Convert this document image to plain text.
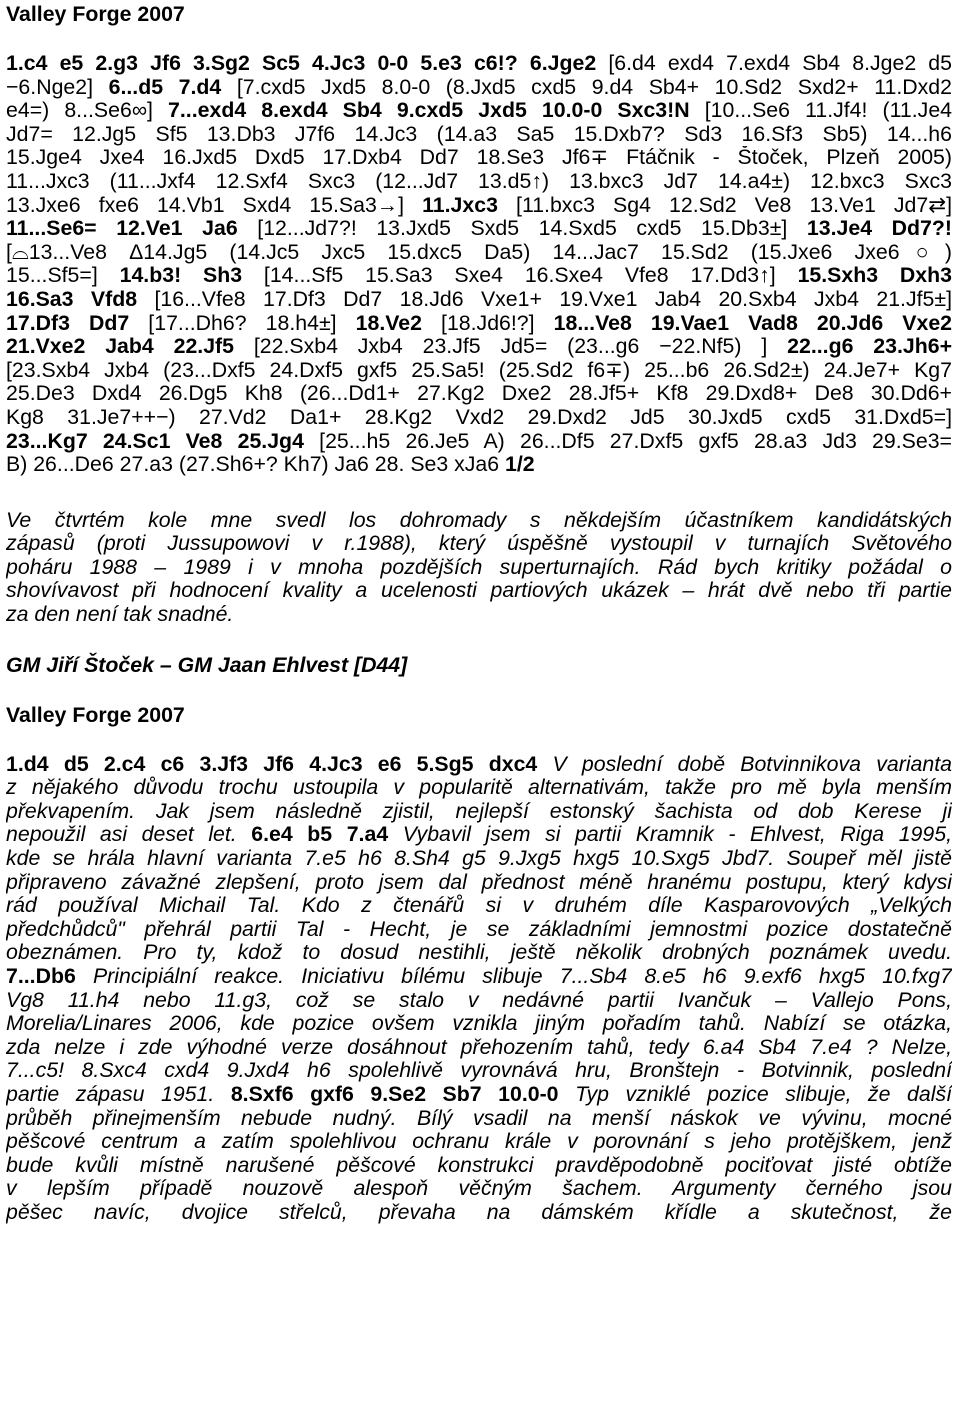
Valley Forge 2007
1.c4 e5 2.g3 Jf6 3.Sg2 Sc5 4.Jc3 0-0 5.e3 c6!? 6.Jge2 [6.d4 exd4 7.exd4 Sb4 8.Jge2 d5
−6.Nge2] 6...d5 7.d4 [7.cxd5 Jxd5 8.0-0 (8.Jxd5 cxd5 9.d4 Sb4+ 10.Sd2 Sxd2+ 11.Dxd2
e4=) 8...Se6∞] 7...exd4 8.exd4 Sb4 9.cxd5 Jxd5 10.0-0 Sxc3!N [10...Se6 11.Jf4! (11.Je4
Jd7= 12.Jg5 Sf5 13.Db3 J7f6 14.Jc3 (14.a3 Sa5 15.Dxb7? Sd3 16.Sf3 Sb5) 14...h6
15.Jge4 Jxe4 16.Jxd5 Dxd5 17.Dxb4 Dd7 18.Se3 Jf6∓ Ftáčnik - Štoček, Plzeň 2005)
11...Jxc3 (11...Jxf4 12.Sxf4 Sxc3 (12...Jd7 13.d5↑) 13.bxc3 Jd7 14.a4±) 12.bxc3 Sxc3
13.Jxe6 fxe6 14.Vb1 Sxd4 15.Sa3→] 11.Jxc3 [11.bxc3 Sg4 12.Sd2 Ve8 13.Ve1 Jd7⇄]
11...Se6= 12.Ve1 Ja6 [12...Jd7?! 13.Jxd5 Sxd5 14.Sxd5 cxd5 15.Db3±] 13.Je4 Dd7?!
[⌓13...Ve8 Δ14.Jg5 (14.Jc5 Jxc5 15.dxc5 Da5) 14...Jac7 15.Sd2 (15.Jxe6 Jxe6○)
15...Sf5=] 14.b3! Sh3 [14...Sf5 15.Sa3 Sxe4 16.Sxe4 Vfe8 17.Dd3↑] 15.Sxh3 Dxh3
16.Sa3 Vfd8 [16...Vfe8 17.Df3 Dd7 18.Jd6 Vxe1+ 19.Vxe1 Jab4 20.Sxb4 Jxb4 21.Jf5±]
17.Df3 Dd7 [17...Dh6? 18.h4±] 18.Ve2 [18.Jd6!?] 18...Ve8 19.Vae1 Vad8 20.Jd6 Vxe2
21.Vxe2 Jab4 22.Jf5 [22.Sxb4 Jxb4 23.Jf5 Jd5= (23...g6 −22.Nf5) ] 22...g6 23.Jh6+
[23.Sxb4 Jxb4 (23...Dxf5 24.Dxf5 gxf5 25.Sa5! (25.Sd2 f6∓) 25...b6 26.Sd2±) 24.Je7+ Kg7
25.De3 Dxd4 26.Dg5 Kh8 (26...Dd1+ 27.Kg2 Dxe2 28.Jf5+ Kf8 29.Dxd8+ De8 30.Dd6+
Kg8 31.Je7++−) 27.Vd2 Da1+ 28.Kg2 Vxd2 29.Dxd2 Jd5 30.Jxd5 cxd5 31.Dxd5=]
23...Kg7 24.Sc1 Ve8 25.Jg4 [25...h5 26.Je5 A) 26...Df5 27.Dxf5 gxf5 28.a3 Jd3 29.Se3=
B) 26...De6 27.a3 (27.Sh6+? Kh7) Ja6 28. Se3 xJa6 1/2
Ve čtvrtém kole mne svedl los dohromady s někdejším účastníkem kandidátských
zápasů (proti Jussupowovi v r.1988), který úspěšně vystoupil v turnajích Světového
poháru 1988 – 1989 i v mnoha pozdějších superturnajích. Rád bych kritiky požádal o
shovívavost při hodnocení kvality a ucelenosti partiových ukázek – hrát dvě nebo tři partie
za den není tak snadné.
GM Jiří Štoček – GM Jaan Ehlvest [D44]
Valley Forge 2007
1.d4 d5 2.c4 c6 3.Jf3 Jf6 4.Jc3 e6 5.Sg5 dxc4 V poslední době Botvinnikova varianta
z nějakého důvodu trochu ustoupila v popularitě alternativám, takže pro mě byla menším
překvapením. Jak jsem následně zjistil, nejlepší estonský šachista od dob Kerese ji
nepoužil asi deset let. 6.e4 b5 7.a4 Vybavil jsem si partii Kramnik - Ehlvest, Riga 1995,
kde se hrála hlavní varianta 7.e5 h6 8.Sh4 g5 9.Jxg5 hxg5 10.Sxg5 Jbd7. Soupeř měl jistě
připraveno závažné zlepšení, proto jsem dal přednost méně hranému postupu, který kdysi
rád používal Michail Tal. Kdo z čtenářů si v druhém díle Kasparovových „Velkých
předchůdců" přehrál partii Tal - Hecht, je se základními jemnostmi pozice dostatečně
obeznámen. Pro ty, kdož to dosud nestihli, ještě několik drobných poznámek uvedu.
7...Db6 Principiální reakce. Iniciativu bílému slibuje 7...Sb4 8.e5 h6 9.exf6 hxg5 10.fxg7
Vg8 11.h4 nebo 11.g3, což se stalo v nedávné partii Ivančuk – Vallejo Pons,
Morelia/Linares 2006, kde pozice ovšem vznikla jiným pořadím tahů. Nabízí se otázka,
zda nelze i zde výhodné verze dosáhnout přehozením tahů, tedy 6.a4 Sb4 7.e4 ? Nelze,
7...c5! 8.Sxc4 cxd4 9.Jxd4 h6 spolehlivě vyrovnává hru, Bronštejn - Botvinnik, poslední
partie zápasu 1951. 8.Sxf6 gxf6 9.Se2 Sb7 10.0-0 Typ vzniklé pozice slibuje, že další
průběh přinejmenším nebude nudný. Bílý vsadil na menší náskok ve vývinu, mocné
pěšcové centrum a zatím spolehlivou ochranu krále v porovnání s jeho protějškem, jenž
bude kvůli místně narušené pěšcové konstrukci pravděpodobně pociťovat jisté obtíže
v lepším případě nouzově alespoň věčným šachem. Argumenty černého jsou
pěšec navíc, dvojice střelců, převaha na dámském křídle a skutečnost, že
